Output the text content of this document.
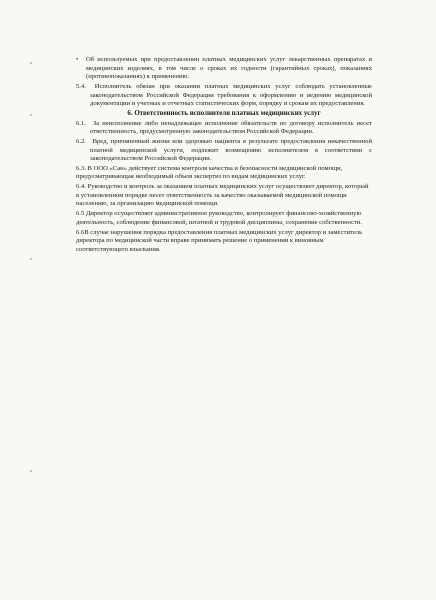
• Об используемых при предоставлении платных медицинских услуг лекарственных препаратах и медицинских изделиях, в том числе о сроках их годности (гарантийных сроках), показаниях (противопоказаниях) к применению.

5.4. Исполнитель обязан при оказании платных медицинских услуг соблюдать установленные законодательством Российской Федерации требования к оформлению и ведению медицинской документации и учетных и отчетных статистических форм, порядку и срокам их предоставления.

6. Ответственность исполнителя платных медицинских услуг

6.1. За неисполнение либо ненадлежащее исполнение обязательств по договору исполнитель несет ответственность, предусмотренную законодательством Российской Федерации.

6.2. Вред, причиненный жизни или здоровью пациента в результате предоставления некачественной платной медицинской услуги, подлежит возмещению исполнителем в соответствии с законодательством Российской Федерации.

6.3. В ООО «Сан» действует система контроля качества и безопасности медицинской помощи, предусматривающая необходимый объем экспертиз по видам медицинских услуг.

6.4. Руководство и контроль за оказанием платных медицинских услуг осуществляет директор, который в установленном порядке несет ответственность за качество оказываемой медицинской помощи населению, за организацию медицинской помощи.

6.5 Директор осуществляет административное руководство, контролирует финансово-хозяйственную деятельность, соблюдение финансовой, штатной и трудовой дисциплины, сохранение собственности.

6.6В случае нарушения порядка предоставления платных медицинских услуг директор и заместитель директора по медицинской части вправе принимать решение о применении к виновным соответствующего взыскания.
